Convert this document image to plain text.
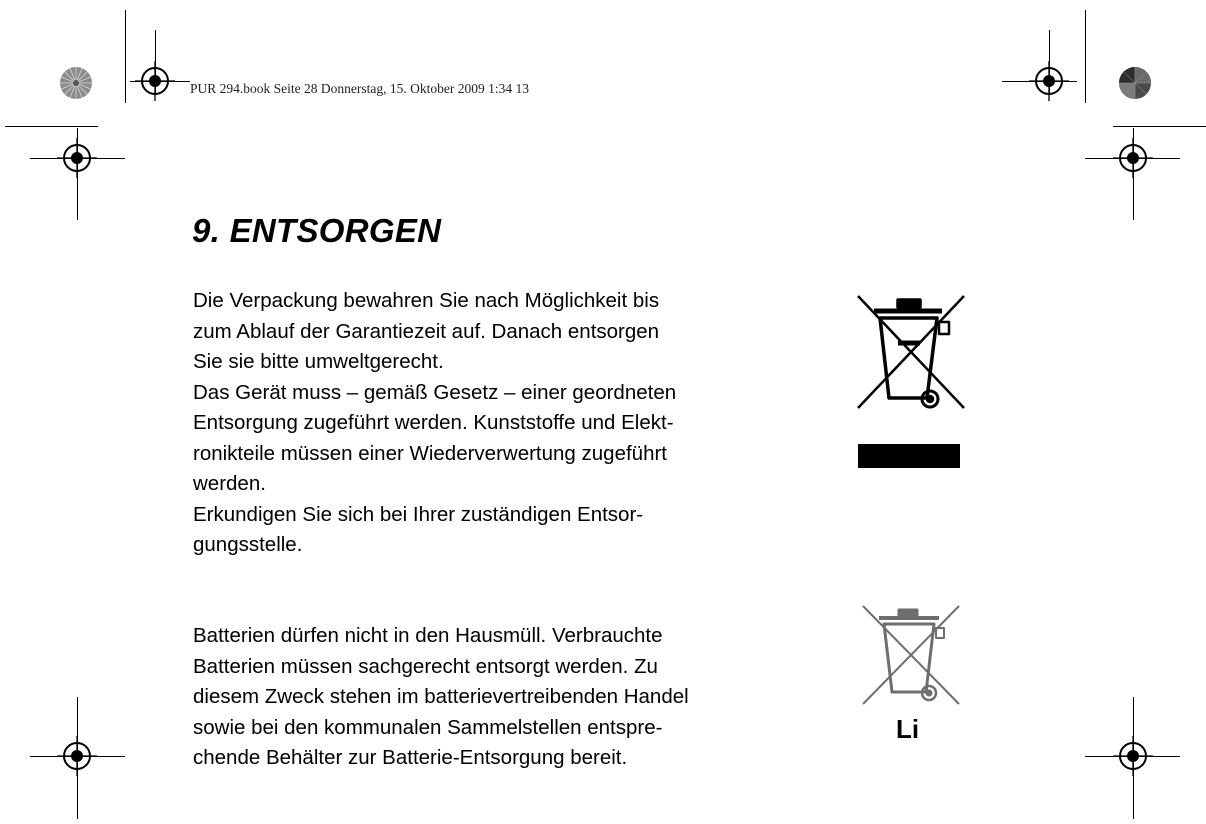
PUR 294.book Seite 28 Donnerstag, 15. Oktober 2009 1:34 13
9. ENTSORGEN

Die Verpackung bewahren Sie nach Möglichkeit bis
zum Ablauf der Garantiezeit auf. Danach entsorgen
Sie sie bitte umweltgerecht.
Das Gerät muss – gemäß Gesetz – einer geordneten
Entsorgung zugeführt werden. Kunststoffe und Elekt-
ronikteile müssen einer Wiederverwertung zugeführt
werden.
Erkundigen Sie sich bei Ihrer zuständigen Entsor-
gungsstelle.

Batterien dürfen nicht in den Hausmüll. Verbrauchte
Batterien müssen sachgerecht entsorgt werden. Zu
diesem Zweck stehen im batterievertreibenden Handel
sowie bei den kommunalen Sammelstellen entspre-
chende Behälter zur Batterie-Entsorgung bereit.

Li
